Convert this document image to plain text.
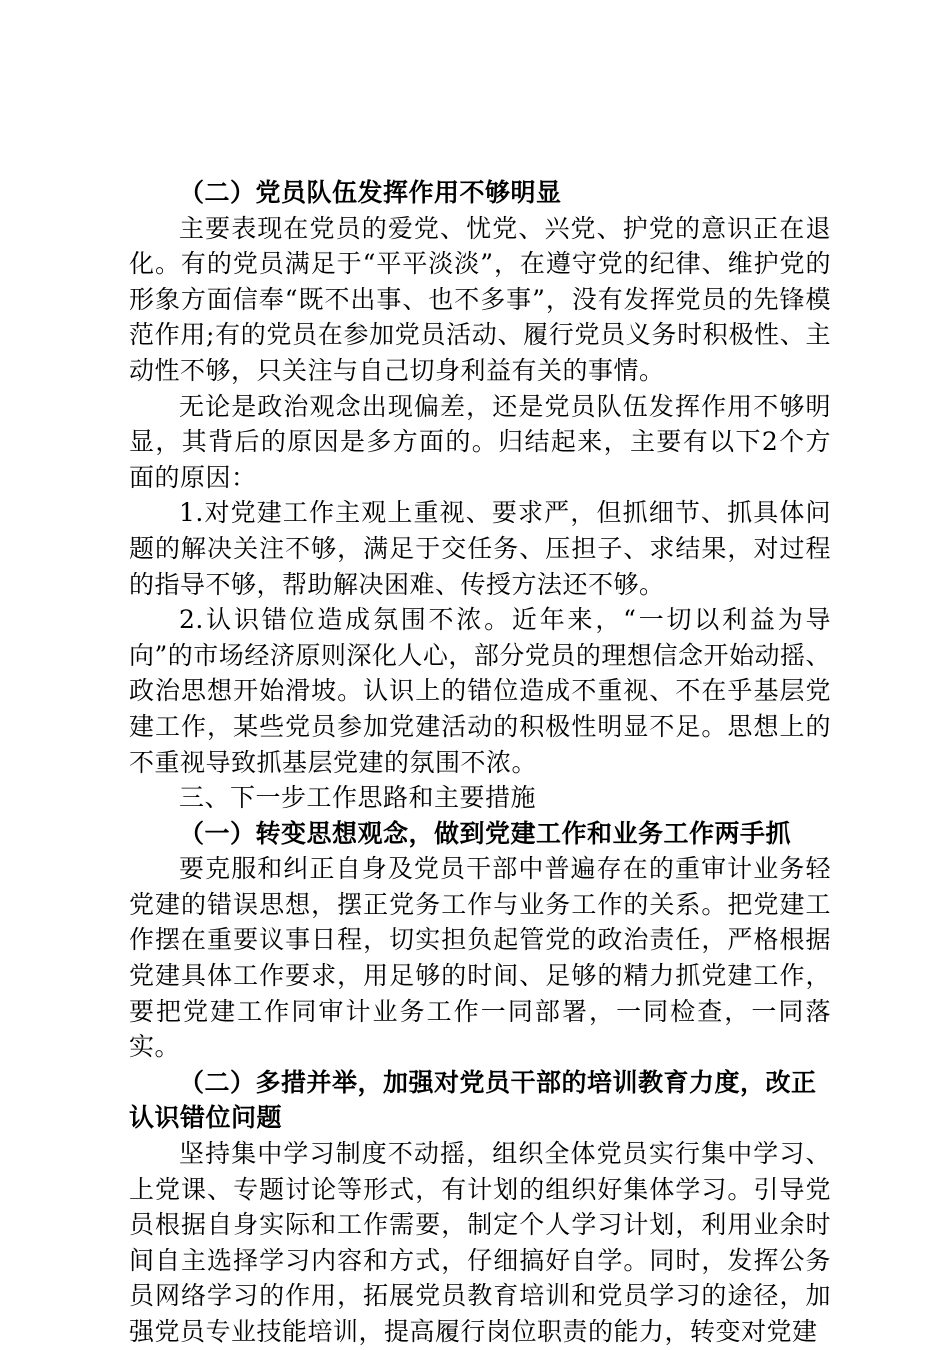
（二）党员队伍发挥作用不够明显

主要表现在党员的爱党、忧党、兴党、护党的意识正在退化。有的党员满足于“平平淡淡”，在遵守党的纪律、维护党的形象方面信奉“既不出事、也不多事”，没有发挥党员的先锋模范作用;有的党员在参加党员活动、履行党员义务时积极性、主动性不够，只关注与自己切身利益有关的事情。

无论是政治观念出现偏差，还是党员队伍发挥作用不够明显，其背后的原因是多方面的。归结起来，主要有以下2个方面的原因：

1.对党建工作主观上重视、要求严，但抓细节、抓具体问题的解决关注不够，满足于交任务、压担子、求结果，对过程的指导不够，帮助解决困难、传授方法还不够。

2.认识错位造成氛围不浓。近年来，“一切以利益为导向”的市场经济原则深化人心，部分党员的理想信念开始动摇、政治思想开始滑坡。认识上的错位造成不重视、不在乎基层党建工作，某些党员参加党建活动的积极性明显不足。思想上的不重视导致抓基层党建的氛围不浓。

三、下一步工作思路和主要措施

（一）转变思想观念，做到党建工作和业务工作两手抓

要克服和纠正自身及党员干部中普遍存在的重审计业务轻党建的错误思想，摆正党务工作与业务工作的关系。把党建工作摆在重要议事日程，切实担负起管党的政治责任，严格根据党建具体工作要求，用足够的时间、足够的精力抓党建工作，要把党建工作同审计业务工作一同部署，一同检查，一同落实。

（二）多措并举，加强对党员干部的培训教育力度，改正认识错位问题

坚持集中学习制度不动摇，组织全体党员实行集中学习、上党课、专题讨论等形式，有计划的组织好集体学习。引导党员根据自身实际和工作需要，制定个人学习计划，利用业余时间自主选择学习内容和方式，仔细搞好自学。同时，发挥公务员网络学习的作用，拓展党员教育培训和党员学习的途径，加强党员专业技能培训，提高履行岗位职责的能力，转变对党建
